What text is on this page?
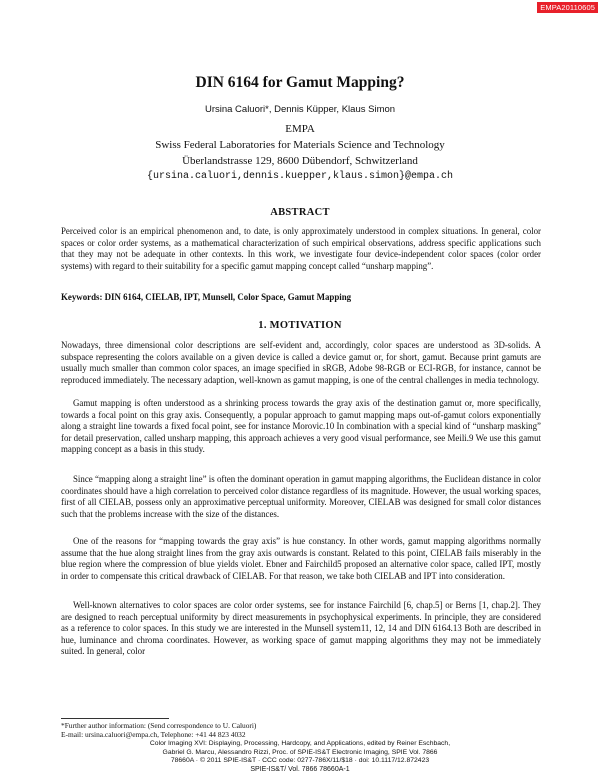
EMPA20110605
DIN 6164 for Gamut Mapping?
Ursina Caluori*, Dennis Küpper, Klaus Simon
EMPA
Swiss Federal Laboratories for Materials Science and Technology
Überlandstrasse 129, 8600 Dübendorf, Schwitzerland
{ursina.caluori,dennis.kuepper,klaus.simon}@empa.ch
ABSTRACT
Perceived color is an empirical phenomenon and, to date, is only approximately understood in complex situations. In general, color spaces or color order systems, as a mathematical characterization of such empirical observations, address specific applications such that they may not be adequate in other contexts. In this work, we investigate four device-independent color spaces (color order systems) with regard to their suitability for a specific gamut mapping concept called “unsharp mapping”.
Keywords: DIN 6164, CIELAB, IPT, Munsell, Color Space, Gamut Mapping
1. MOTIVATION
Nowadays, three dimensional color descriptions are self-evident and, accordingly, color spaces are understood as 3D-solids. A subspace representing the colors available on a given device is called a device gamut or, for short, gamut. Because print gamuts are usually much smaller than common color spaces, an image specified in sRGB, Adobe 98-RGB or ECI-RGB, for instance, cannot be reproduced immediately. The necessary adaption, well-known as gamut mapping, is one of the central challenges in media technology.
Gamut mapping is often understood as a shrinking process towards the gray axis of the destination gamut or, more specifically, towards a focal point on this gray axis. Consequently, a popular approach to gamut mapping maps out-of-gamut colors exponentially along a straight line towards a fixed focal point, see for instance Morovic.10 In combination with a special kind of “unsharp masking” for detail preservation, called unsharp mapping, this approach achieves a very good visual performance, see Meili.9 We use this gamut mapping concept as a basis in this study.
Since “mapping along a straight line” is often the dominant operation in gamut mapping algorithms, the Euclidean distance in color coordinates should have a high correlation to perceived color distance regardless of its magnitude. However, the usual working spaces, first of all CIELAB, possess only an approximative perceptual uniformity. Moreover, CIELAB was designed for small color distances such that the problems increase with the size of the distances.
One of the reasons for “mapping towards the gray axis” is hue constancy. In other words, gamut mapping algorithms normally assume that the hue along straight lines from the gray axis outwards is constant. Related to this point, CIELAB fails miserably in the blue region where the compression of blue yields violet. Ebner and Fairchild5 proposed an alternative color space, called IPT, mostly in order to compensate this critical drawback of CIELAB. For that reason, we take both CIELAB and IPT into consideration.
Well-known alternatives to color spaces are color order systems, see for instance Fairchild [6, chap.5] or Berns [1, chap.2]. They are designed to reach perceptual uniformity by direct measurements in psychophysical experiments. In principle, they are considered as a reference to color spaces. In this study we are interested in the Munsell system11, 12, 14 and DIN 6164.13 Both are described in hue, luminance and chroma coordinates. However, as working space of gamut mapping algorithms they may not be immediately suited. In general, color
*Further author information: (Send correspondence to U. Caluori)
E-mail: ursina.caluori@empa.ch, Telephone: +41 44 823 4032
Color Imaging XVI: Displaying, Processing, Hardcopy, and Applications, edited by Reiner Eschbach,
Gabriel G. Marcu, Alessandro Rizzi, Proc. of SPIE-IS&T Electronic Imaging, SPIE Vol. 7866
78660A · © 2011 SPIE-IS&T · CCC code: 0277-786X/11/$18 · doi: 10.1117/12.872423
SPIE-IS&T/ Vol. 7866 78660A-1
